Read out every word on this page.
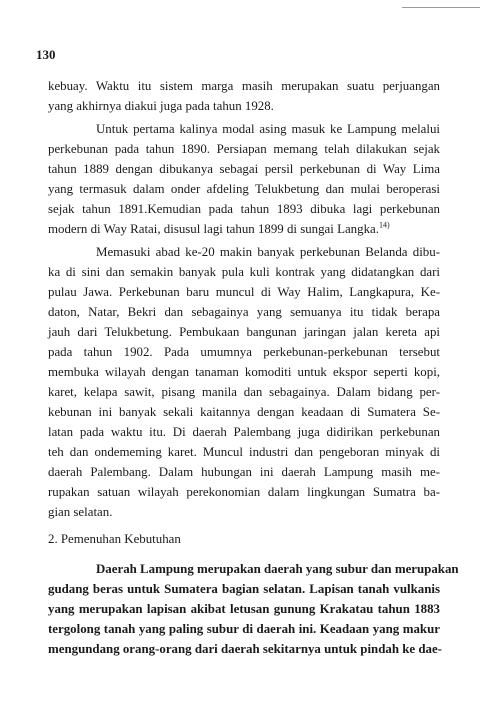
130
kebuay. Waktu itu sistem marga masih merupakan suatu perjuangan
yang akhirnya diakui juga pada tahun 1928.
Untuk pertama kalinya modal asing masuk ke Lampung melalui
perkebunan pada tahun 1890. Persiapan memang telah dilakukan sejak
tahun 1889 dengan dibukanya sebagai persil perkebunan di Way Lima
yang termasuk dalam onder afdeling Telukbetung dan mulai beroperasi
sejak tahun 1891.Kemudian pada tahun 1893 dibuka lagi perkebunan
modern di Way Ratai, disusul lagi tahun 1899 di sungai Langka.$^{14)}$
Memasuki abad ke-20 makin banyak perkebunan Belanda dibu-
ka di sini dan semakin banyak pula kuli kontrak yang didatangkan dari
pulau Jawa. Perkebunan baru muncul di Way Halim, Langkapura, Ke-
daton, Natar, Bekri dan sebagainya yang semuanya itu tidak berapa
jauh dari Telukbetung. Pembukaan bangunan jaringan jalan kereta api
pada tahun 1902. Pada umumnya perkebunan-perkebunan tersebut
membuka wilayah dengan tanaman komoditi untuk ekspor seperti kopi,
karet, kelapa sawit, pisang manila dan sebagainya. Dalam bidang per-
kebunan ini banyak sekali kaitannya dengan keadaan di Sumatera Se-
latan pada waktu itu. Di daerah Palembang juga didirikan perkebunan
teh dan ondememing karet. Muncul industri dan pengeboran minyak di
daerah Palembang. Dalam hubungan ini daerah Lampung masih me-
rupakan satuan wilayah perekonomian dalam lingkungan Sumatra ba-
gian selatan.
2. Pemenuhan Kebutuhan
Daerah Lampung merupakan daerah yang subur dan merupakan
gudang beras untuk Sumatera bagian selatan. Lapisan tanah vulkanis
yang merupakan lapisan akibat letusan gunung Krakatau tahun 1883
tergolong tanah yang paling subur di daerah ini. Keadaan yang makur
mengundang orang-orang dari daerah sekitarnya untuk pindah ke dae-
